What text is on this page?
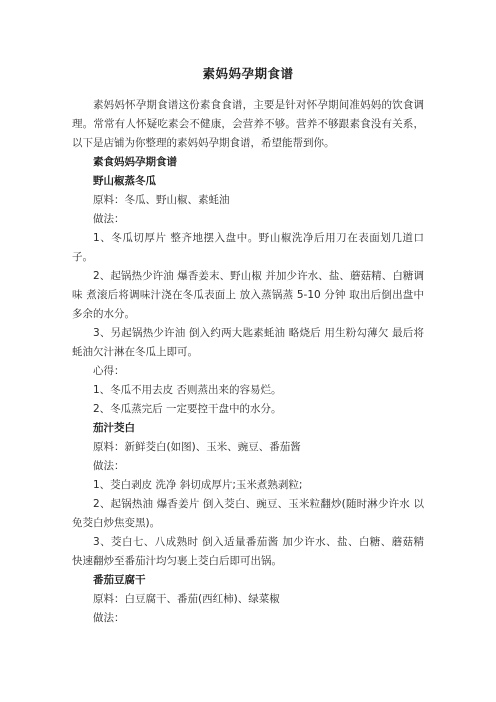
素妈妈孕期食谱

素妈妈怀孕期食谱这份素食食谱，主要是针对怀孕期间准妈妈的饮食调理。常常有人怀疑吃素会不健康，会营养不够。营养不够跟素食没有关系，以下是店铺为你整理的素妈妈孕期食谱，希望能帮到你。

素食妈妈孕期食谱

野山椒蒸冬瓜

原料：冬瓜、野山椒、素蚝油

做法：

1、冬瓜切厚片 整齐地摆入盘中。野山椒洗净后用刀在表面划几道口子。

2、起锅热少许油 爆香姜末、野山椒 并加少许水、盐、蘑菇精、白糖调味 煮滚后将调味汁浇在冬瓜表面上 放入蒸锅蒸 5-10 分钟 取出后倒出盘中多余的水分。

3、另起锅热少许油 倒入约两大匙素蚝油 略烧后 用生粉勾薄欠 最后将蚝油欠汁淋在冬瓜上即可。

心得：

1、冬瓜不用去皮 否则蒸出来的容易烂。

2、冬瓜蒸完后 一定要控干盘中的水分。

茄汁茭白

原料：新鲜茭白(如图)、玉米、豌豆、番茄酱

做法：

1、茭白剥皮 洗净 斜切成厚片;玉米煮熟剥粒;

2、起锅热油 爆香姜片 倒入茭白、豌豆、玉米粒翻炒(随时淋少许水 以免茭白炒焦变黑)。

3、茭白七、八成熟时 倒入适量番茄酱 加少许水、盐、白糖、蘑菇精 快速翻炒至番茄汁均匀裹上茭白后即可出锅。

番茄豆腐干

原料：白豆腐干、番茄(西红柿)、绿菜椒

做法：
